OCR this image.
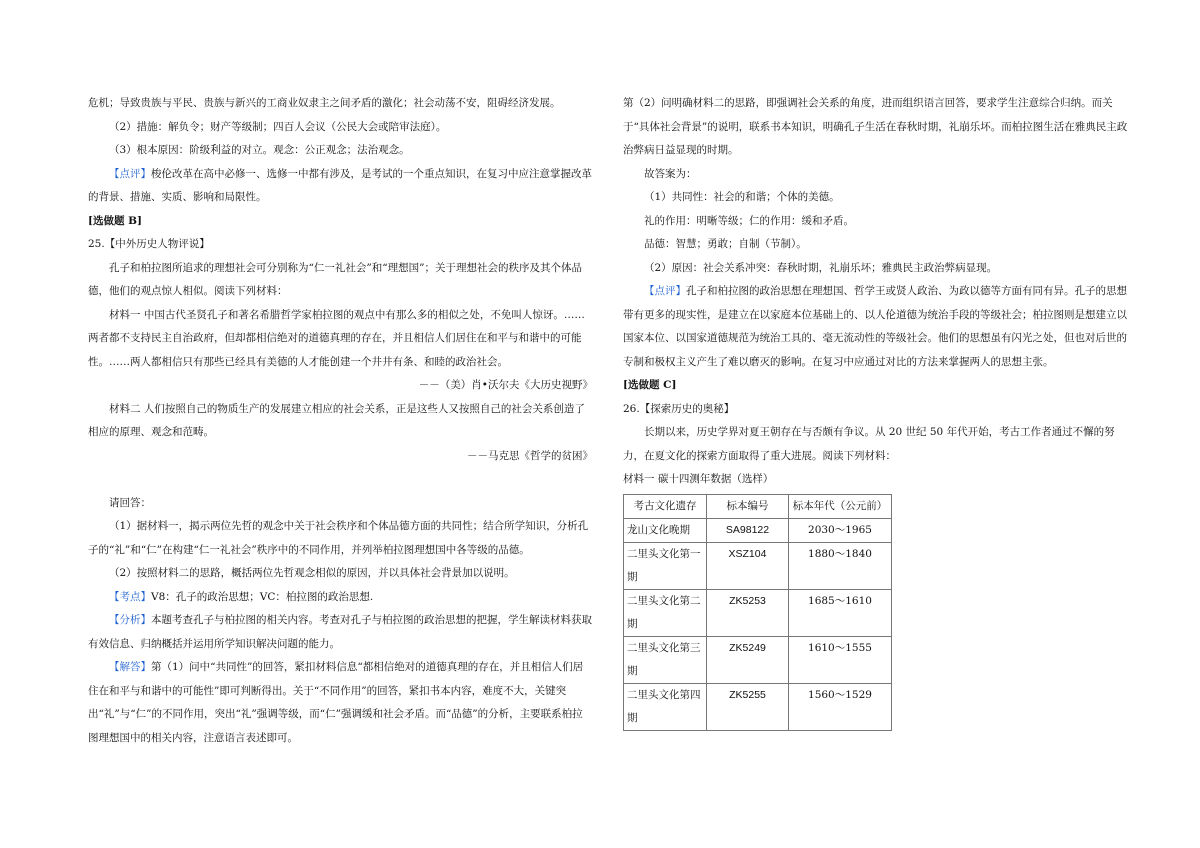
危机；导致贵族与平民、贵族与新兴的工商业奴隶主之间矛盾的激化；社会动荡不安，阻碍经济发展。

（2）措施：解负令；财产等级制；四百人会议（公民大会或陪审法庭）。

（3）根本原因：阶级利益的对立。观念：公正观念；法治观念。

【点评】梭伦改革在高中必修一、选修一中都有涉及，是考试的一个重点知识，在复习中应注意掌握改革的背景、措施、实质、影响和局限性。

[选做题 B]

25.【中外历史人物评说】

孔子和柏拉图所追求的理想社会可分别称为“仁一礼社会”和“理想国”；关于理想社会的秩序及其个体品德，他们的观点惊人相似。阅读下列材料：

材料一 中国古代圣贤孔子和著名希腊哲学家柏拉图的观点中有那么多的相似之处，不免叫人惊讶。……两者都不支持民主自治政府，但却都相信绝对的道德真理的存在，并且相信人们居住在和平与和谐中的可能性。……两人都相信只有那些已经具有美德的人才能创建一个井井有条、和睦的政治社会。

－－（美）肖•沃尔夫《大历史视野》

材料二 人们按照自己的物质生产的发展建立相应的社会关系，正是这些人又按照自己的社会关系创造了相应的原理、观念和范畴。

－－马克思《哲学的贫困》

请回答：

（1）据材料一，揭示两位先哲的观念中关于社会秩序和个体品德方面的共同性；结合所学知识，分析孔子的“礼”和“仁”在构建“仁一礼社会”秩序中的不同作用，并列举柏拉图理想国中各等级的品德。

（2）按照材料二的思路，概括两位先哲观念相似的原因，并以具体社会背景加以说明。

【考点】V8：孔子的政治思想；VC：柏拉图的政治思想.

【分析】本题考查孔子与柏拉图的相关内容。考查对孔子与柏拉图的政治思想的把握，学生解读材料获取有效信息、归纳概括并运用所学知识解决问题的能力。

【解答】第（1）问中“共同性”的回答，紧扣材料信息“都相信绝对的道德真理的存在，并且相信人们居住在和平与和谐中的可能性”即可判断得出。关于“不同作用”的回答，紧扣书本内容，难度不大，关键突出“礼”与“仁”的不同作用，突出“礼”强调等级，而“仁”强调缓和社会矛盾。而“品德”的分析，主要联系柏拉图理想国中的相关内容，注意语言表述即可。

第（2）问明确材料二的思路，即强调社会关系的角度，进而组织语言回答，要求学生注意综合归纳。而关于“具体社会背景”的说明，联系书本知识，明确孔子生活在春秋时期，礼崩乐坏。而柏拉图生活在雅典民主政治弊病日益显现的时期。

故答案为：

（1）共同性：社会的和谐；个体的美德。

礼的作用：明晰等级；仁的作用：缓和矛盾。

品德：智慧；勇敢；自制（节制）。

（2）原因：社会关系冲突：春秋时期，礼崩乐坏；雅典民主政治弊病显现。

【点评】孔子和柏拉图的政治思想在理想国、哲学王或贤人政治、为政以德等方面有同有异。孔子的思想带有更多的现实性，是建立在以家庭本位基础上的、以人伦道德为统治手段的等级社会；柏拉图则是想建立以国家本位、以国家道德规范为统治工具的、毫无流动性的等级社会。他们的思想虽有闪光之处，但也对后世的专制和极权主义产生了难以磨灭的影响。在复习中应通过对比的方法来掌握两人的思想主张。

[选做题 C]

26.【探索历史的奥秘】

长期以来，历史学界对夏王朝存在与否颇有争议。从 20 世纪 50 年代开始，考古工作者通过不懈的努力，在夏文化的探索方面取得了重大进展。阅读下列材料：

材料一 碳十四测年数据（选样）

考古文化遗存	标本编号	标本年代（公元前）
龙山文化晚期	SA98122	2030～1965
二里头文化第一期	XSZ104	1880～1840
二里头文化第二期	ZK5253	1685～1610
二里头文化第三期	ZK5249	1610～1555
二里头文化第四期	ZK5255	1560～1529
